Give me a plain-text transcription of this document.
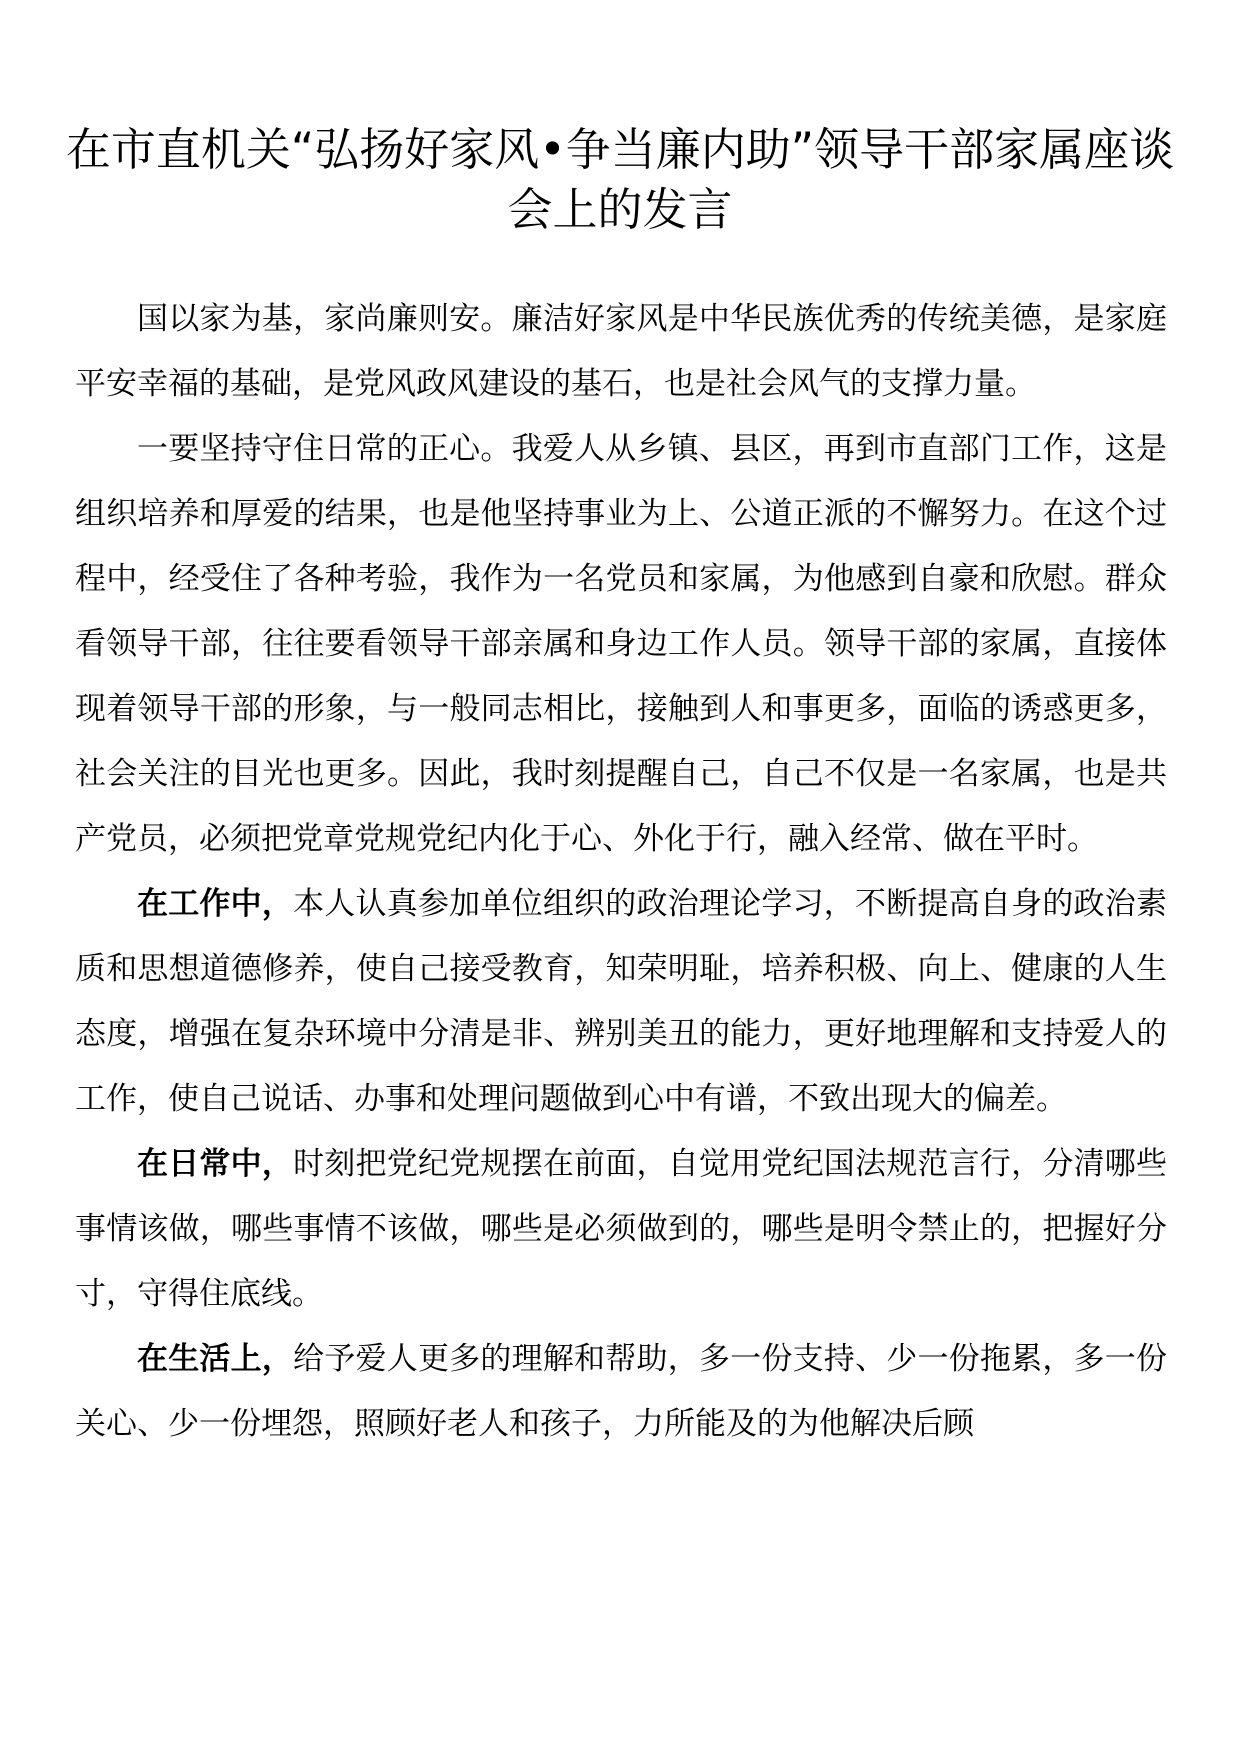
在市直机关“弘扬好家风•争当廉内助”领导干部家属座谈会上的发言

国以家为基，家尚廉则安。廉洁好家风是中华民族优秀的传统美德，是家庭平安幸福的基础，是党风政风建设的基石，也是社会风气的支撑力量。

一要坚持守住日常的正心。我爱人从乡镇、县区，再到市直部门工作，这是组织培养和厚爱的结果，也是他坚持事业为上、公道正派的不懈努力。在这个过程中，经受住了各种考验，我作为一名党员和家属，为他感到自豪和欣慰。群众看领导干部，往往要看领导干部亲属和身边工作人员。领导干部的家属，直接体现着领导干部的形象，与一般同志相比，接触到人和事更多，面临的诱惑更多，社会关注的目光也更多。因此，我时刻提醒自己，自己不仅是一名家属，也是共产党员，必须把党章党规党纪内化于心、外化于行，融入经常、做在平时。

在工作中，本人认真参加单位组织的政治理论学习，不断提高自身的政治素质和思想道德修养，使自己接受教育，知荣明耻，培养积极、向上、健康的人生态度，增强在复杂环境中分清是非、辨别美丑的能力，更好地理解和支持爱人的工作，使自己说话、办事和处理问题做到心中有谱，不致出现大的偏差。

在日常中，时刻把党纪党规摆在前面，自觉用党纪国法规范言行，分清哪些事情该做，哪些事情不该做，哪些是必须做到的，哪些是明令禁止的，把握好分寸，守得住底线。

在生活上，给予爱人更多的理解和帮助，多一份支持、少一份拖累，多一份关心、少一份埋怨，照顾好老人和孩子，力所能及的为他解决后顾
